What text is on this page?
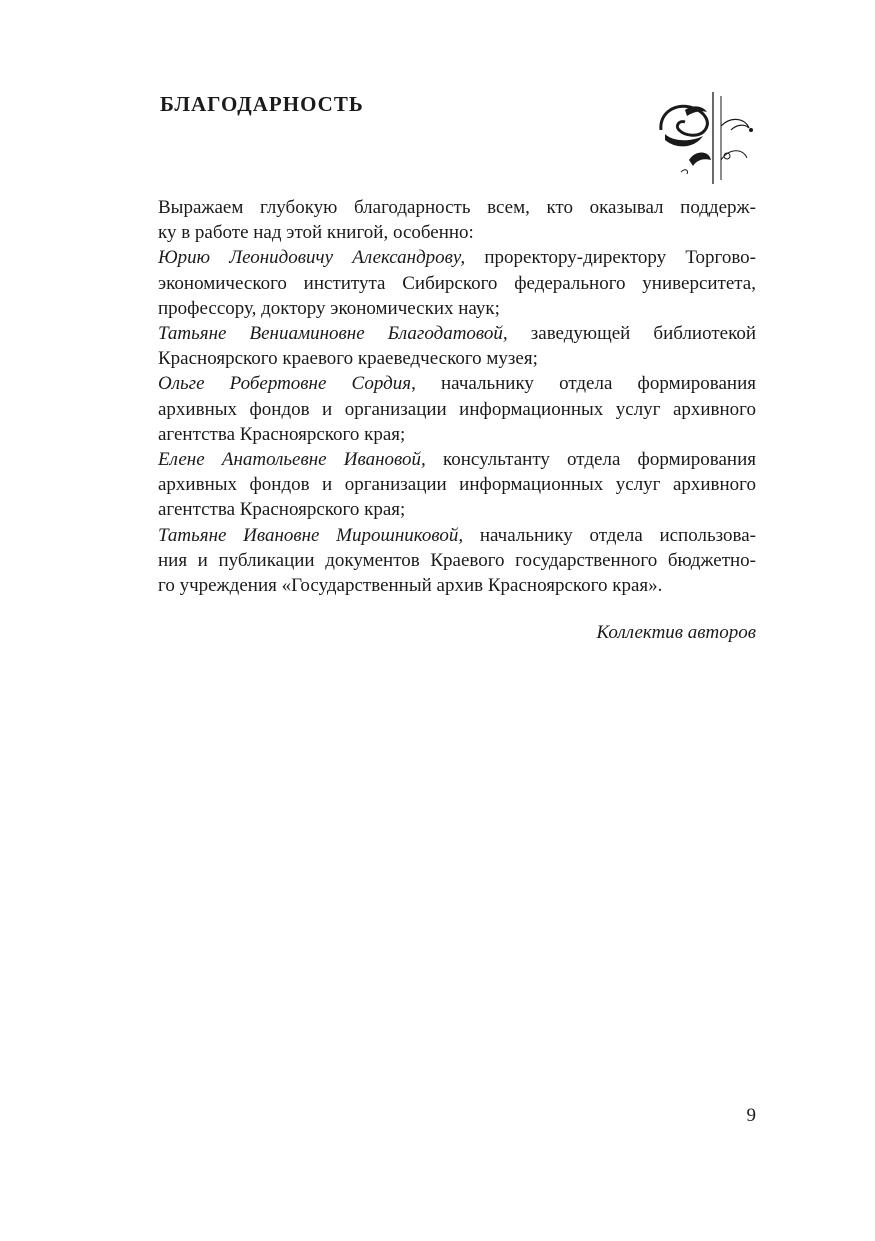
БЛАГОДАРНОСТЬ

Выражаем глубокую благодарность всем, кто оказывал поддерж-
ку в работе над этой книгой, особенно:

Юрию Леонидовичу Александрову, проректору-директору Торгово-
экономического института Сибирского федерального университета,
профессору, доктору экономических наук;

Татьяне Вениаминовне Благодатовой, заведующей библиотекой
Красноярского краевого краеведческого музея;

Ольге Робертовне Сордия, начальнику отдела формирования
архивных фондов и организации информационных услуг архивного
агентства Красноярского края;

Елене Анатольевне Ивановой, консультанту отдела формирования
архивных фондов и организации информационных услуг архивного
агентства Красноярского края;

Татьяне Ивановне Мирошниковой, начальнику отдела использова-
ния и публикации документов Краевого государственного бюджетно-
го учреждения «Государственный архив Красноярского края».

Коллектив авторов

9
